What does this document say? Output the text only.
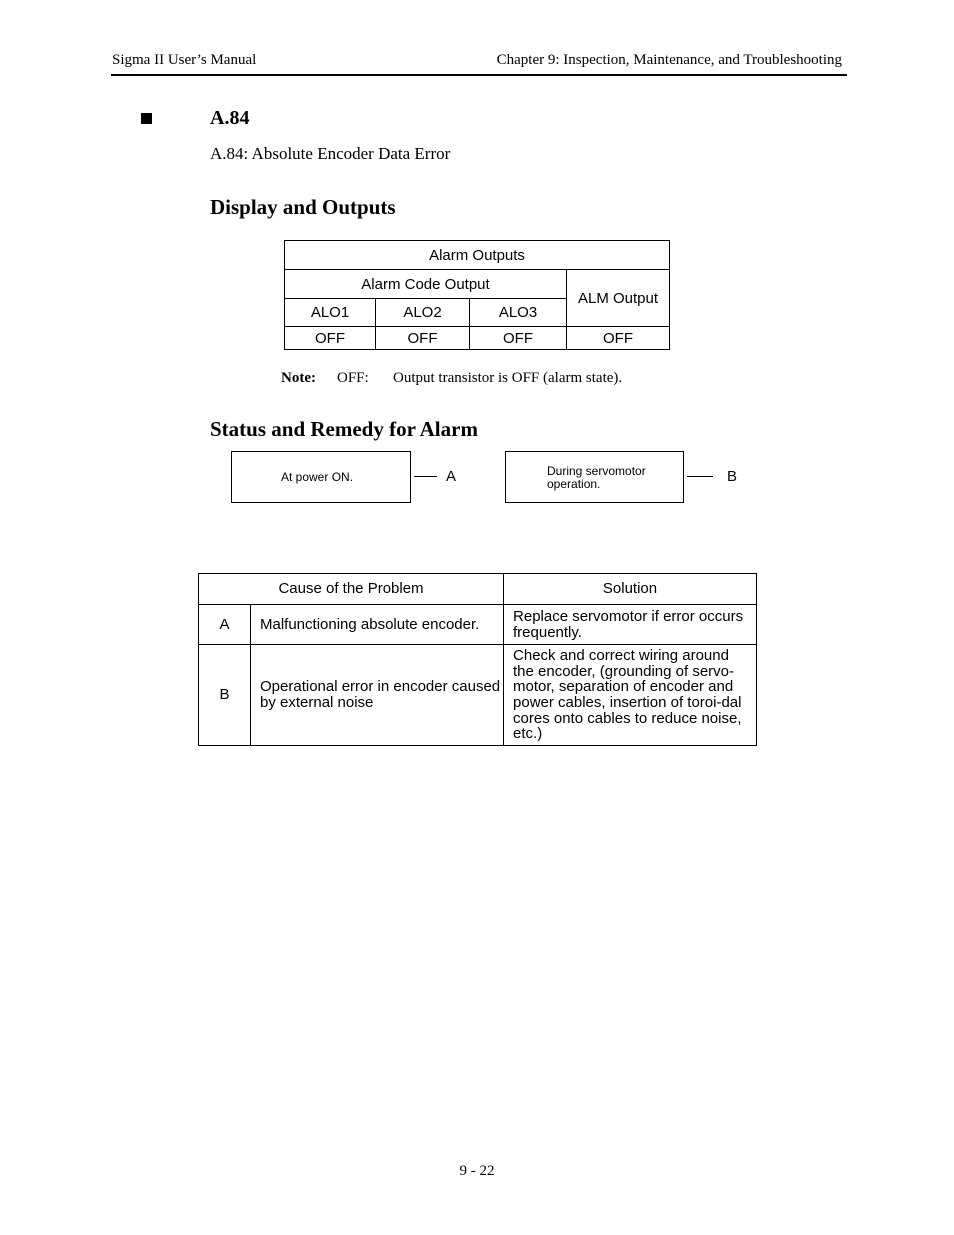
Sigma II User’s Manual	Chapter 9: Inspection, Maintenance, and Troubleshooting
A.84
A.84: Absolute Encoder Data Error
Display and Outputs
Alarm Outputs			
Alarm Code Output			ALM Output
ALO1	ALO2	ALO3	
OFF	OFF	OFF	OFF
Note: OFF: Output transistor is OFF (alarm state).
Status and Remedy for Alarm
At power ON.	A	During servomotor operation.	B
Cause of the Problem		Solution
A	Malfunctioning absolute encoder.	Replace servomotor if error occurs frequently.
B	Operational error in encoder caused by external noise	Check and correct wiring around the encoder, (grounding of servo-motor, separation of encoder and power cables, insertion of toroi-dal cores onto cables to reduce noise, etc.)
9 - 22
